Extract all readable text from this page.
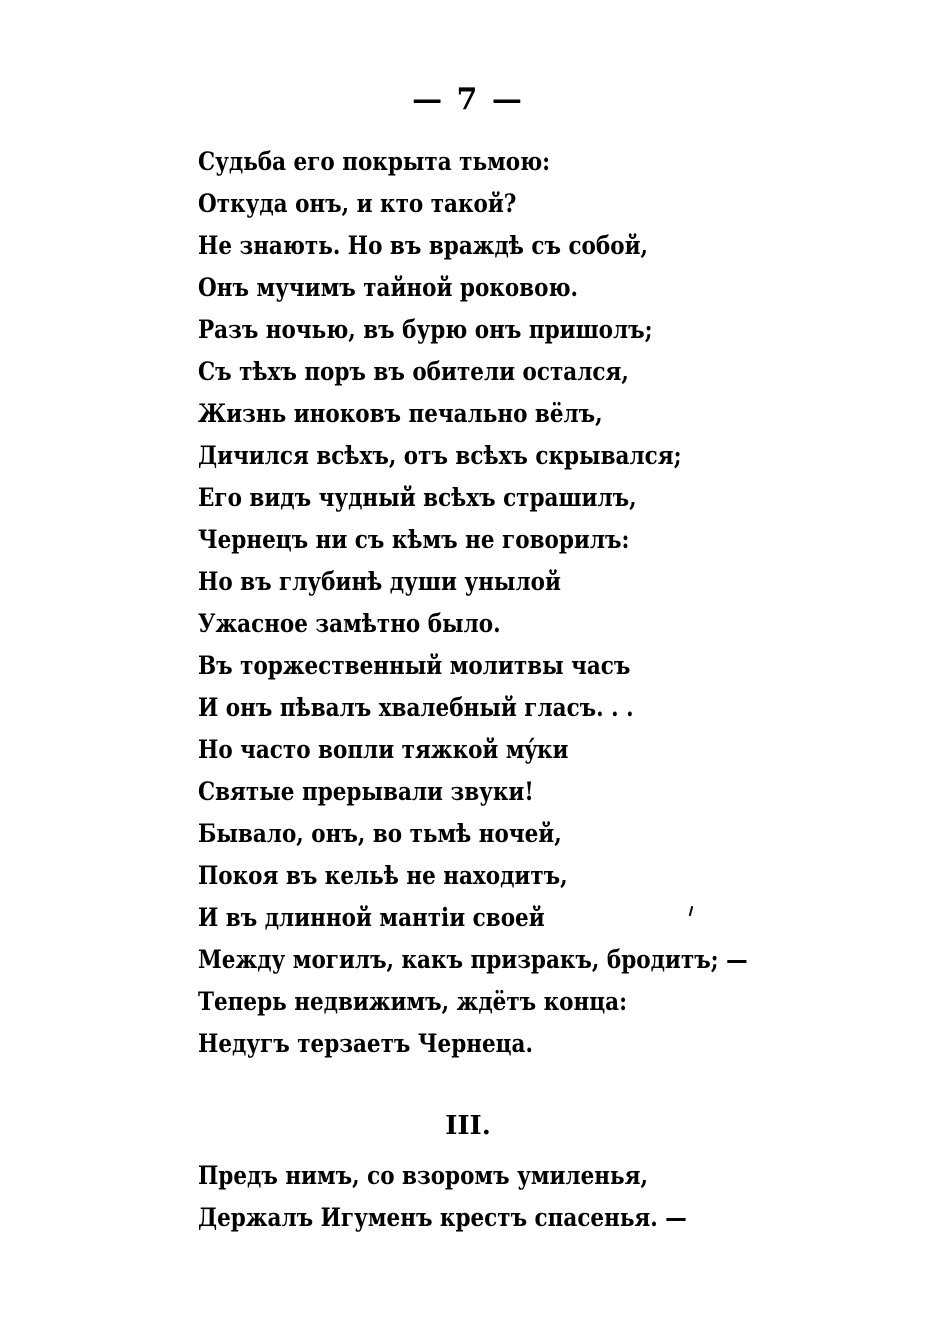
— 7 —
Судьба его покрыта тьмою:
Откуда онъ, и кто такой?
Не знають. Но въ враждѣ съ собой,
Онъ мучимъ тайной роковою.
Разъ ночью, въ бурю онъ пришолъ;
Съ тѣхъ поръ въ обители остался,
Жизнь иноковъ печально вёлъ,
Дичился всѣхъ, отъ всѣхъ скрывался;
Его видъ чудный всѣхъ страшилъ,
Чернецъ ни съ кѣмъ не говорилъ:
Но въ глубинѣ души унылой
Ужасное замѣтно было.
Въ торжественный молитвы часъ
И онъ пѣвалъ хвалебный гласъ. . .
Но часто вопли тяжкой мýки
Святые прерывали звуки!
Бывало, онъ, во тьмѣ ночей,
Покоя въ кельѣ не находитъ,
И въ длинной мантіи своей
Между могилъ, какъ призракъ, бродитъ; —
Теперь недвижимъ, ждётъ конца:
Недугъ терзаетъ Чернеца.
III.
Предъ нимъ, со взоромъ умиленья,
Держалъ Игуменъ крестъ спасенья. —
